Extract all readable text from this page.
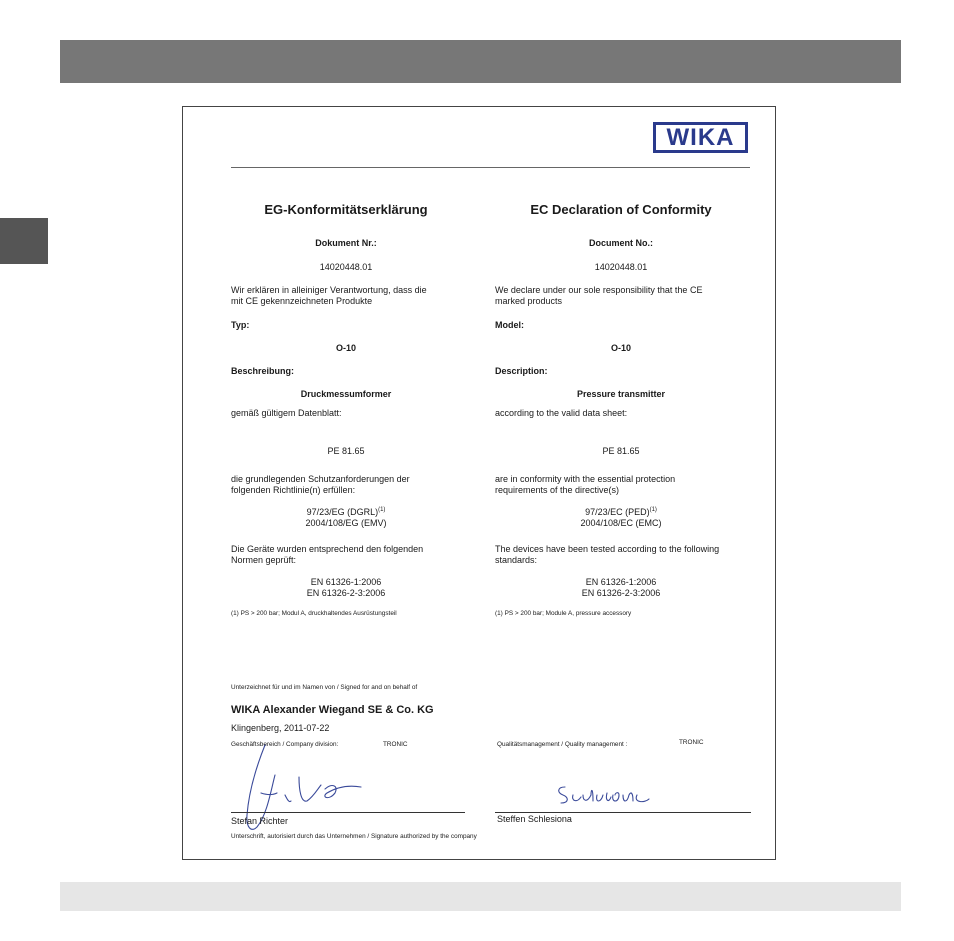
WIKA
EG-Konformitätserklärung
Dokument Nr.:
14020448.01
Wir erklären in alleiniger Verantwortung, dass die
mit CE gekennzeichneten Produkte
Typ:
O-10
Beschreibung:
Druckmessumformer
gemäß gültigem Datenblatt:
PE 81.65
die grundlegenden Schutzanforderungen der
folgenden Richtlinie(n) erfüllen:
97/23/EG (DGRL)$^{(1)}$
2004/108/EG (EMV)
Die Geräte wurden entsprechend den folgenden
Normen geprüft:
EN 61326-1:2006
EN 61326-2-3:2006
(1) PS > 200 bar; Modul A, druckhaltendes Ausrüstungsteil
EC Declaration of Conformity
Document No.:
14020448.01
We declare under our sole responsibility that the CE
marked products
Model:
O-10
Description:
Pressure transmitter
according to the valid data sheet:
PE 81.65
are in conformity with the essential protection
requirements of the directive(s)
97/23/EC (PED)$^{(1)}$
2004/108/EC (EMC)
The devices have been tested according to the following
standards:
EN 61326-1:2006
EN 61326-2-3:2006
(1) PS > 200 bar; Module A, pressure accessory
Unterzeichnet für und im Namen von / Signed for and on behalf of
WIKA Alexander Wiegand SE & Co. KG
Klingenberg, 2011-07-22
Geschäftsbereich / Company division:	TRONIC	Qualitätsmanagement / Quality management :	TRONIC
Stefan Richter	Steffen Schlesiona
Unterschrift, autorisiert durch das Unternehmen / Signature authorized by the company
